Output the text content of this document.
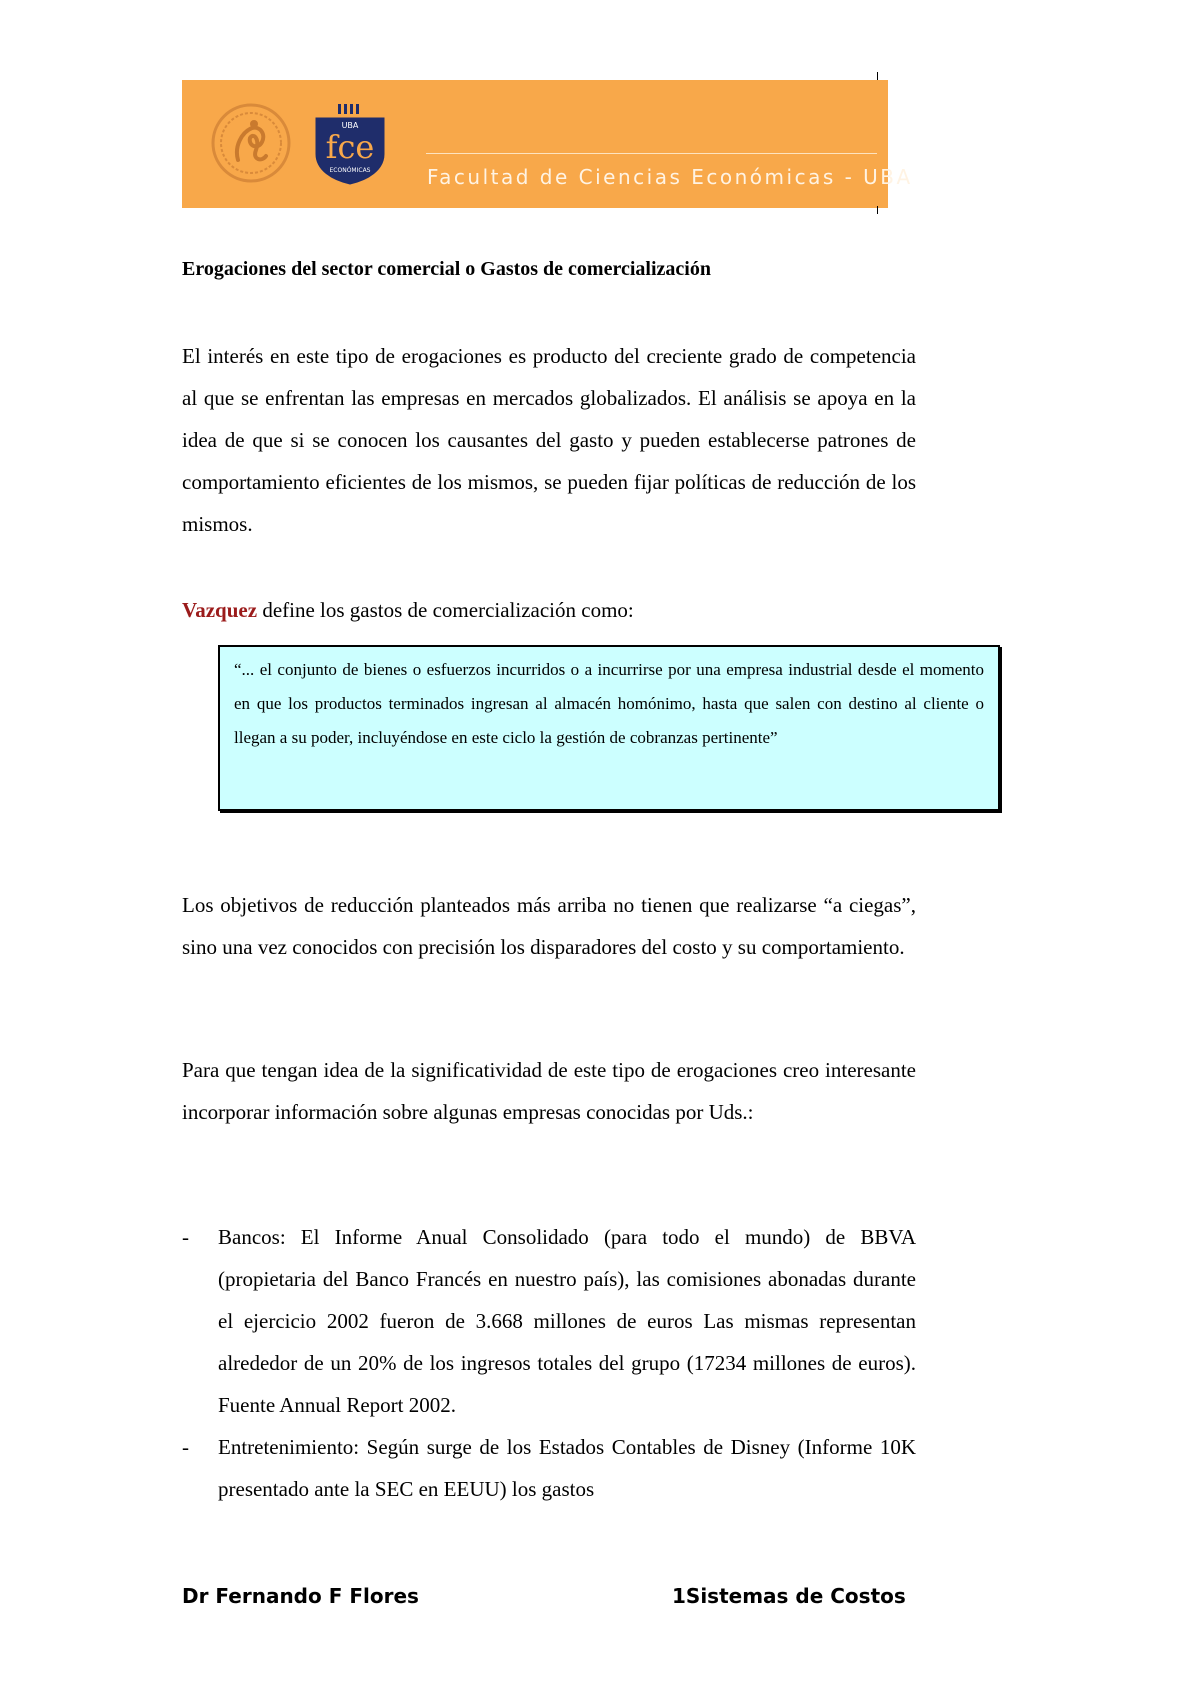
UBA
fce
ECONÓMICAS	Facultad de Ciencias Económicas - UBA
Erogaciones del sector comercial o Gastos de comercialización
El interés en este tipo de erogaciones es producto del creciente grado de competencia al que se enfrentan las empresas en mercados globalizados. El análisis se apoya en la idea de que si se conocen los causantes del gasto y pueden establecerse patrones de comportamiento eficientes de los mismos, se pueden fijar políticas de reducción de los mismos.
Vazquez define los gastos de comercialización como:
“... el conjunto de bienes o esfuerzos incurridos o a incurrirse por una empresa industrial desde el momento en que los productos terminados ingresan al almacén homónimo, hasta que salen con destino al cliente o llegan a su poder, incluyéndose en este ciclo la gestión de cobranzas pertinente”
Los objetivos de reducción planteados más arriba no tienen que realizarse “a ciegas”, sino una vez conocidos con precisión los disparadores del costo y su comportamiento.
Para que tengan idea de la significatividad de este tipo de erogaciones creo interesante incorporar información sobre algunas empresas conocidas por Uds.:
- Bancos: El Informe Anual Consolidado (para todo el mundo) de BBVA (propietaria del Banco Francés en nuestro país), las comisiones abonadas durante el ejercicio 2002 fueron de 3.668 millones de euros Las mismas representan alrededor de un 20% de los ingresos totales del grupo (17234 millones de euros). Fuente Annual Report 2002.
- Entretenimiento: Según surge de los Estados Contables de Disney (Informe 10K presentado ante la SEC en EEUU) los gastos
Dr Fernando F Flores	1Sistemas de Costos
